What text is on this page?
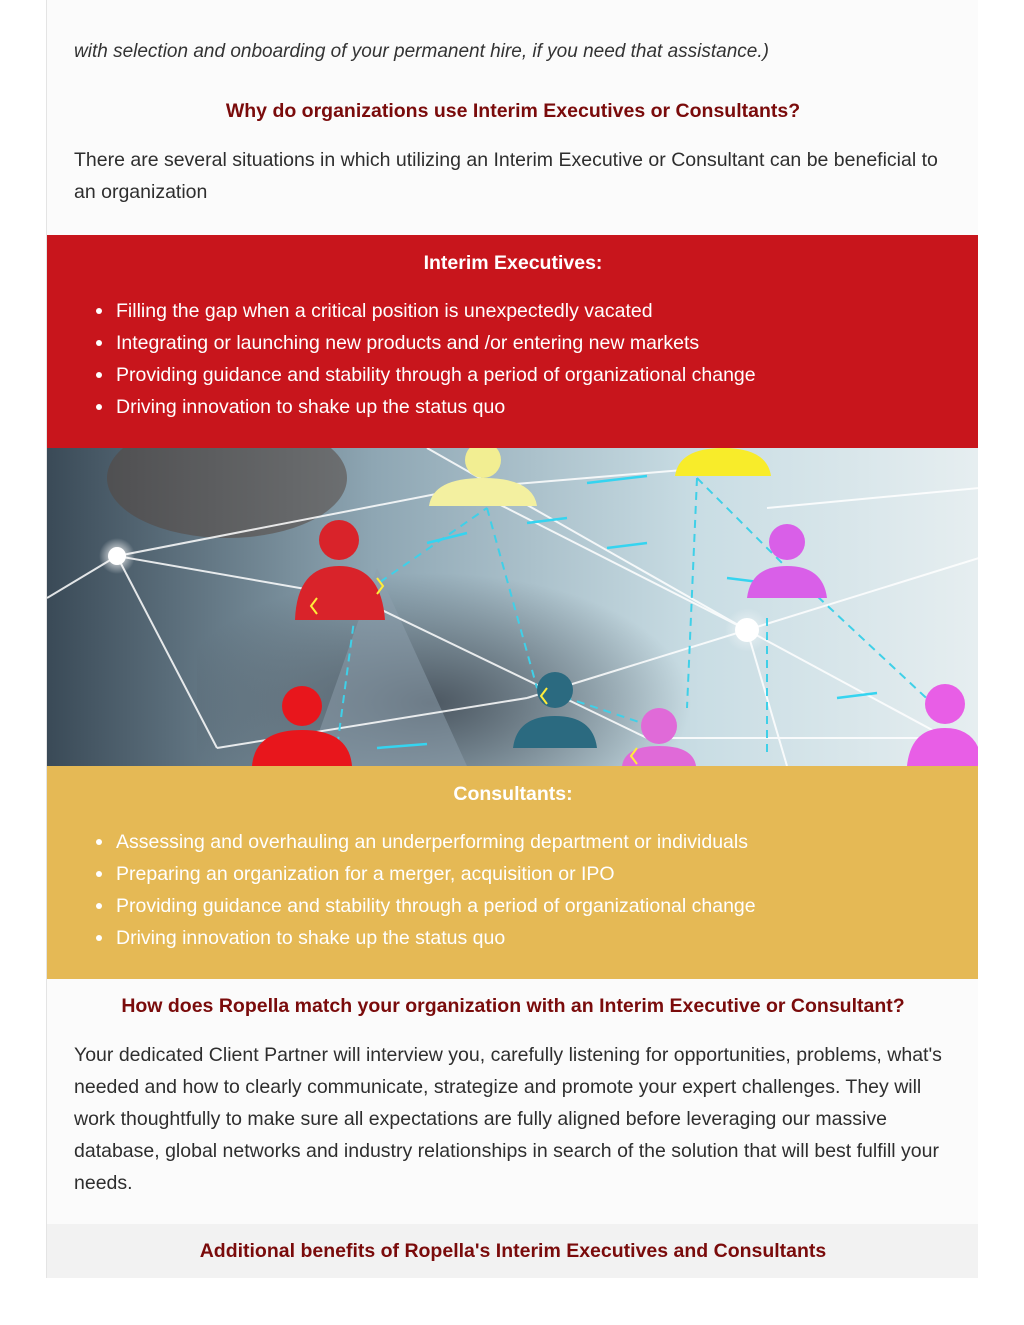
with selection and onboarding of your permanent hire, if you need that assistance.)

Why do organizations use Interim Executives or Consultants?

There are several situations in which utilizing an Interim Executive or Consultant can be beneficial to an organization

Interim Executives:
Filling the gap when a critical position is unexpectedly vacated
Integrating or launching new products and /or entering new markets
Providing guidance and stability through a period of organizational change
Driving innovation to shake up the status quo
Consultants:
Assessing and overhauling an underperforming department or individuals
Preparing an organization for a merger, acquisition or IPO
Providing guidance and stability through a period of organizational change
Driving innovation to shake up the status quo
How does Ropella match your organization with an Interim Executive or Consultant?

Your dedicated Client Partner will interview you, carefully listening for opportunities, problems, what's needed and how to clearly communicate, strategize and promote your expert challenges. They will work thoughtfully to make sure all expectations are fully aligned before leveraging our massive database, global networks and industry relationships in search of the solution that will best fulfill your needs.

Additional benefits of Ropella's Interim Executives and Consultants
